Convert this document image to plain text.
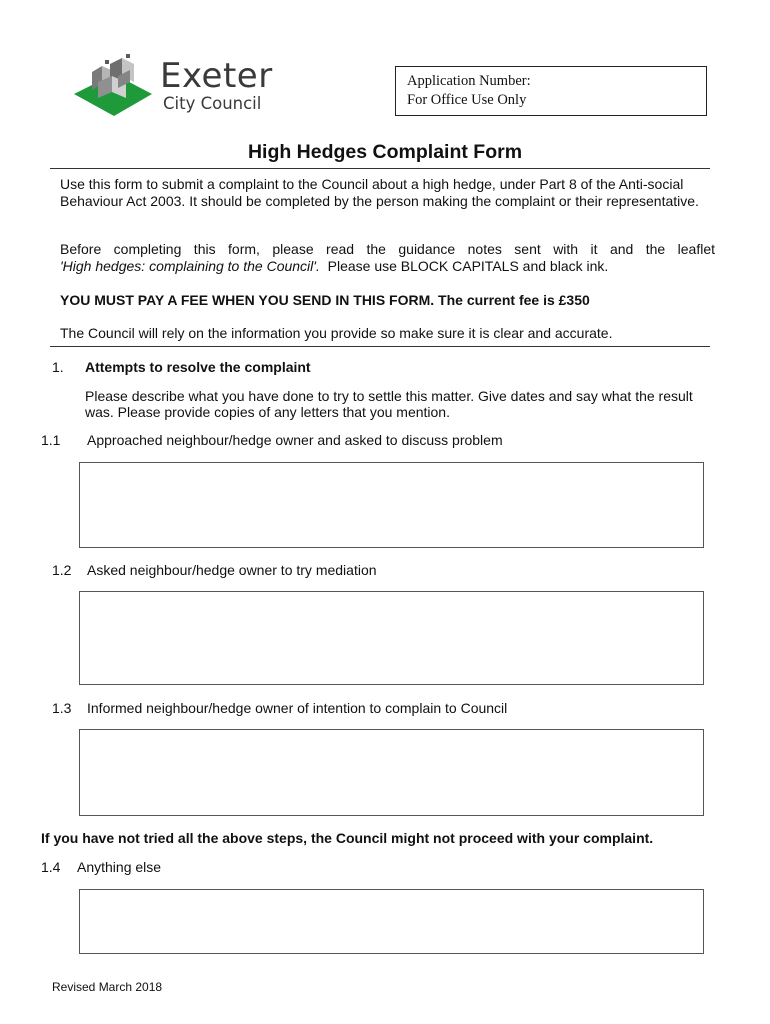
Exeter
City Council
Application Number:
For Office Use Only
High Hedges Complaint Form
Use this form to submit a complaint to the Council about a high hedge, under Part 8 of the Anti-social Behaviour Act 2003. It should be completed by the person making the complaint or their representative.
Before completing this form, please read the guidance notes sent with it and the leaflet
'High hedges: complaining to the Council'. Please use BLOCK CAPITALS and black ink.
YOU MUST PAY A FEE WHEN YOU SEND IN THIS FORM. The current fee is £350
The Council will rely on the information you provide so make sure it is clear and accurate.
1. Attempts to resolve the complaint
Please describe what you have done to try to settle this matter. Give dates and say what the result was. Please provide copies of any letters that you mention.
1.1 Approached neighbour/hedge owner and asked to discuss problem
1.2 Asked neighbour/hedge owner to try mediation
1.3 Informed neighbour/hedge owner of intention to complain to Council
If you have not tried all the above steps, the Council might not proceed with your complaint.
1.4 Anything else
Revised March 2018
